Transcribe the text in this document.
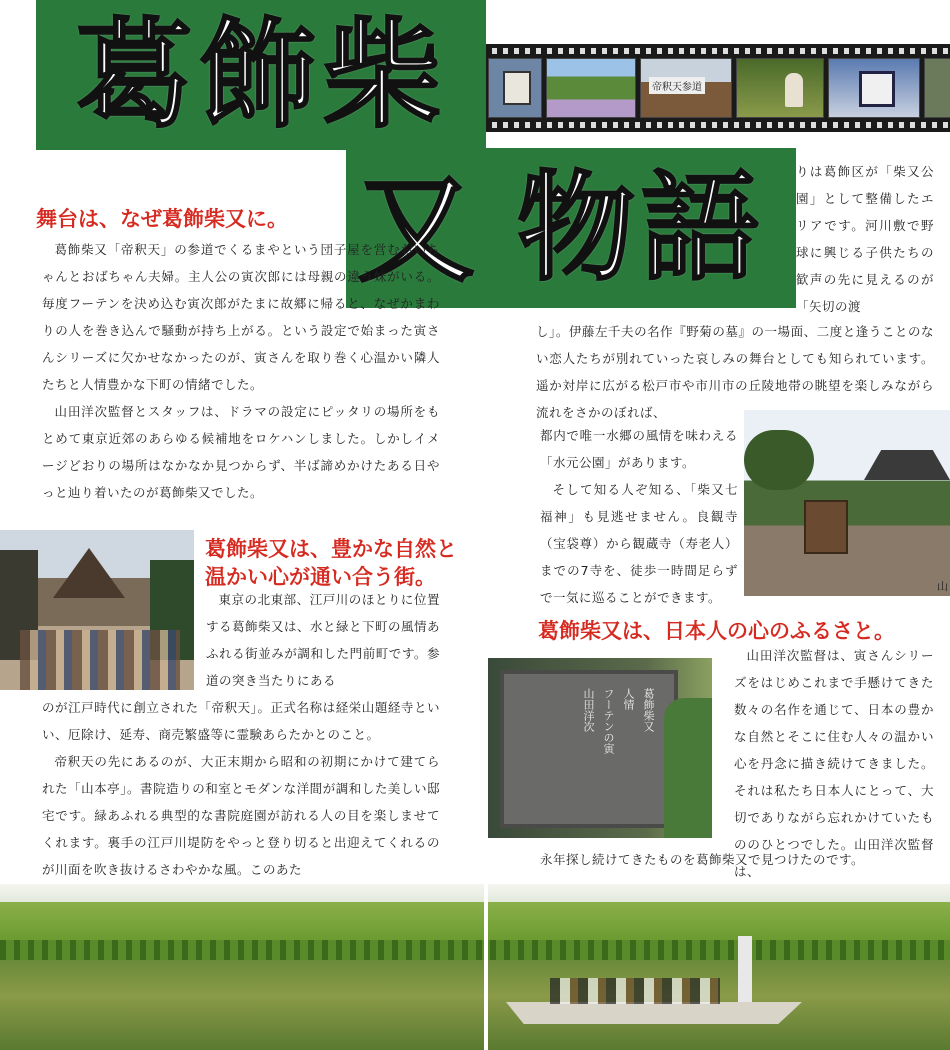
葛飾柴
又 物語
帝釈天参道
舞台は、なぜ葛飾柴又に。

葛飾柴又「帝釈天」の参道でくるまやという団子屋を営むおいちゃんとおばちゃん夫婦。主人公の寅次郎には母親の違う妹がいる。毎度フーテンを決め込む寅次郎がたまに故郷に帰ると、なぜかまわりの人を巻き込んで騒動が持ち上がる。という設定で始まった寅さんシリーズに欠かせなかったのが、寅さんを取り巻く心温かい隣人たちと人情豊かな下町の情緒でした。

山田洋次監督とスタッフは、ドラマの設定にピッタリの場所をもとめて東京近郊のあらゆる候補地をロケハンしました。しかしイメージどおりの場所はなかなか見つからず、半ば諦めかけたある日やっと辿り着いたのが葛飾柴又でした。

葛飾柴又は、豊かな自然と
温かい心が通い合う街。

東京の北東部、江戸川のほとりに位置する葛飾柴又は、水と緑と下町の風情あふれる街並みが調和した門前町です。参道の突き当たりにある

のが江戸時代に創立された「帝釈天」。正式名称は経栄山題経寺といい、厄除け、延寿、商売繁盛等に霊験あらたかとのこと。

帝釈天の先にあるのが、大正末期から昭和の初期にかけて建てられた「山本亭」。書院造りの和室とモダンな洋間が調和した美しい邸宅です。緑あふれる典型的な書院庭園が訪れる人の目を楽しませてくれます。裏手の江戸川堤防をやっと登り切ると出迎えてくれるのが川面を吹き抜けるさわやかな風。このあた

りは葛飾区が「柴又公園」として整備したエリアです。河川敷で野球に興じる子供たちの歓声の先に見えるのが「矢切の渡

し」。伊藤左千夫の名作『野菊の墓』の一場面、二度と逢うことのない恋人たちが別れていった哀しみの舞台としても知られています。遥か対岸に広がる松戸市や市川市の丘陵地帯の眺望を楽しみながら流れをさかのぼれば、

都内で唯一水郷の風情を味わえる「水元公園」があります。

そして知る人ぞ知る、「柴又七福神」も見逃せません。良観寺（宝袋尊）から観蔵寺（寿老人）までの7寺を、徒歩一時間足らずで一気に巡ることができます。

山
葛飾柴又は、日本人の心のふるさと。
葛飾柴又
人情
フーテンの寅
山田洋次

山田洋次監督は、寅さんシリーズをはじめこれまで手懸けてきた数々の名作を通じて、日本の豊かな自然とそこに住む人々の温かい心を丹念に描き続けてきました。それは私たち日本人にとって、大切でありながら忘れかけていたもののひとつでした。山田洋次監督は、

永年探し続けてきたものを葛飾柴又で見つけたのです。
